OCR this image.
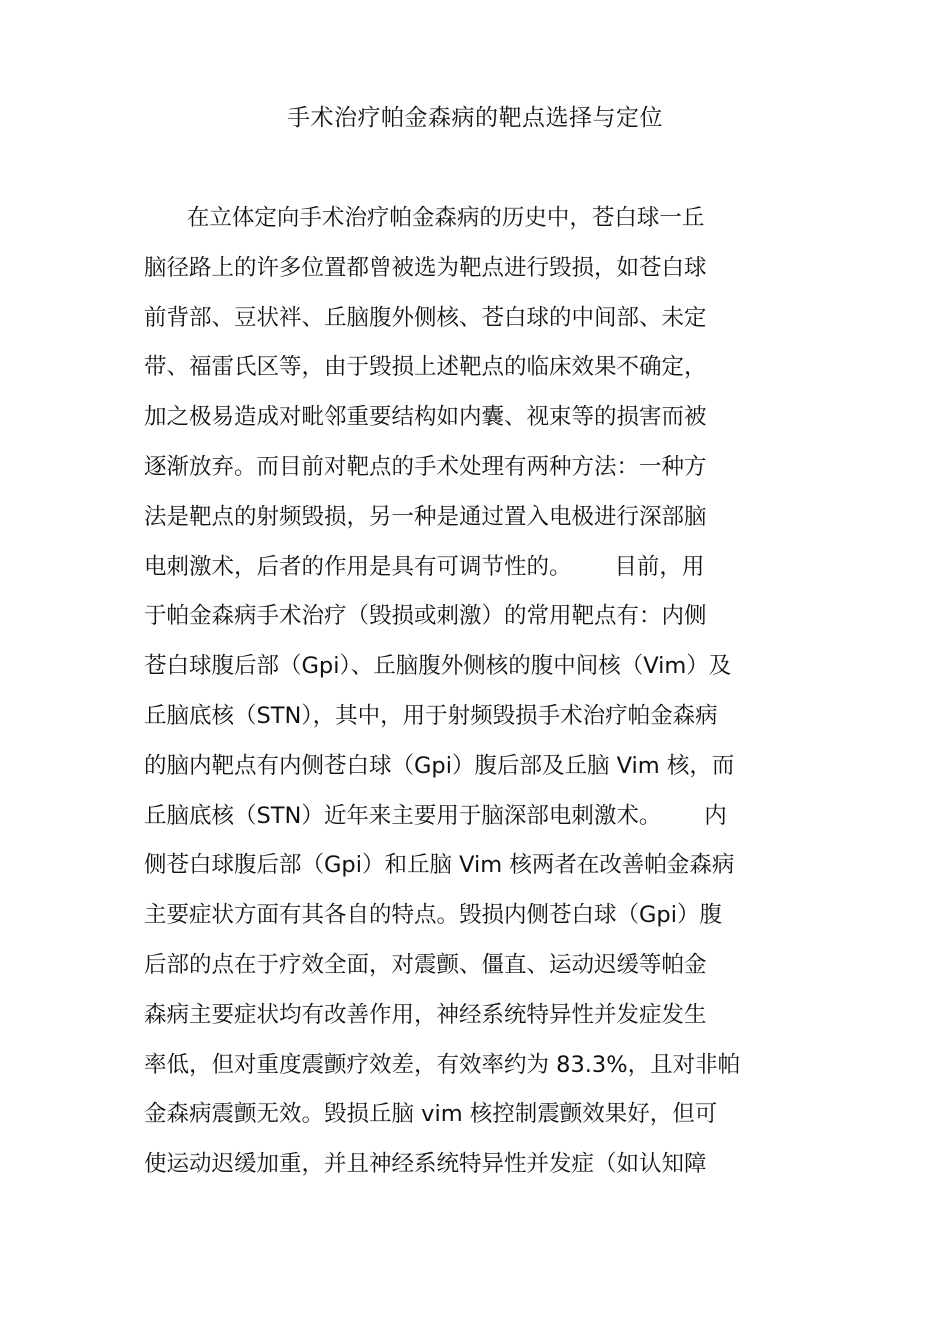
手术治疗帕金森病的靶点选择与定位
在立体定向手术治疗帕金森病的历史中，苍白球一丘
脑径路上的许多位置都曾被选为靶点进行毁损，如苍白球
前背部、豆状袢、丘脑腹外侧核、苍白球的中间部、未定
带、福雷氏区等，由于毁损上述靶点的临床效果不确定，
加之极易造成对毗邻重要结构如内囊、视束等的损害而被
逐渐放弃。而目前对靶点的手术处理有两种方法：一种方
法是靶点的射频毁损，另一种是通过置入电极进行深部脑
电刺激术，后者的作用是具有可调节性的。      目前，用
于帕金森病手术治疗（毁损或刺激）的常用靶点有：内侧
苍白球腹后部（Gpi）、丘脑腹外侧核的腹中间核（Vim）及
丘脑底核（STN），其中，用于射频毁损手术治疗帕金森病
的脑内靶点有内侧苍白球（Gpi）腹后部及丘脑 Vim 核，而
丘脑底核（STN）近年来主要用于脑深部电刺激术。      内
侧苍白球腹后部（Gpi）和丘脑 Vim 核两者在改善帕金森病
主要症状方面有其各自的特点。毁损内侧苍白球（Gpi）腹
后部的点在于疗效全面，对震颤、僵直、运动迟缓等帕金
森病主要症状均有改善作用，神经系统特异性并发症发生
率低，但对重度震颤疗效差，有效率约为 83.3%，且对非帕
金森病震颤无效。毁损丘脑 vim 核控制震颤效果好，但可
使运动迟缓加重，并且神经系统特异性并发症（如认知障
